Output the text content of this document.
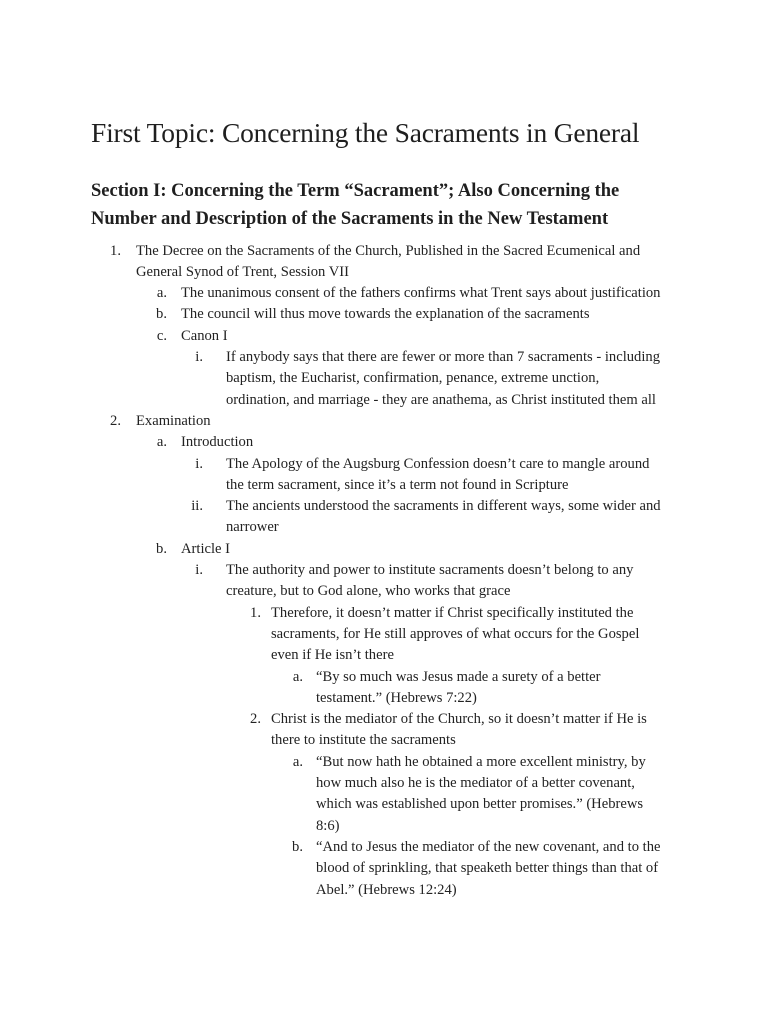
First Topic: Concerning the Sacraments in General
Section I: Concerning the Term “Sacrament”; Also Concerning the
Number and Description of the Sacraments in the New Testament
1. The Decree on the Sacraments of the Church, Published in the Sacred Ecumenical and
General Synod of Trent, Session VII
a. The unanimous consent of the fathers confirms what Trent says about justification
b. The council will thus move towards the explanation of the sacraments
c. Canon I
i. If anybody says that there are fewer or more than 7 sacraments - including
baptism, the Eucharist, confirmation, penance, extreme unction,
ordination, and marriage - they are anathema, as Christ instituted them all
2. Examination
a. Introduction
i. The Apology of the Augsburg Confession doesn’t care to mangle around
the term sacrament, since it’s a term not found in Scripture
ii. The ancients understood the sacraments in different ways, some wider and
narrower
b. Article I
i. The authority and power to institute sacraments doesn’t belong to any
creature, but to God alone, who works that grace
1. Therefore, it doesn’t matter if Christ specifically instituted the
sacraments, for He still approves of what occurs for the Gospel
even if He isn’t there
a. “By so much was Jesus made a surety of a better
testament.” (Hebrews 7:22)
2. Christ is the mediator of the Church, so it doesn’t matter if He is
there to institute the sacraments
a. “But now hath he obtained a more excellent ministry, by
how much also he is the mediator of a better covenant,
which was established upon better promises.” (Hebrews
8:6)
b. “And to Jesus the mediator of the new covenant, and to the
blood of sprinkling, that speaketh better things than that of
Abel.” (Hebrews 12:24)
